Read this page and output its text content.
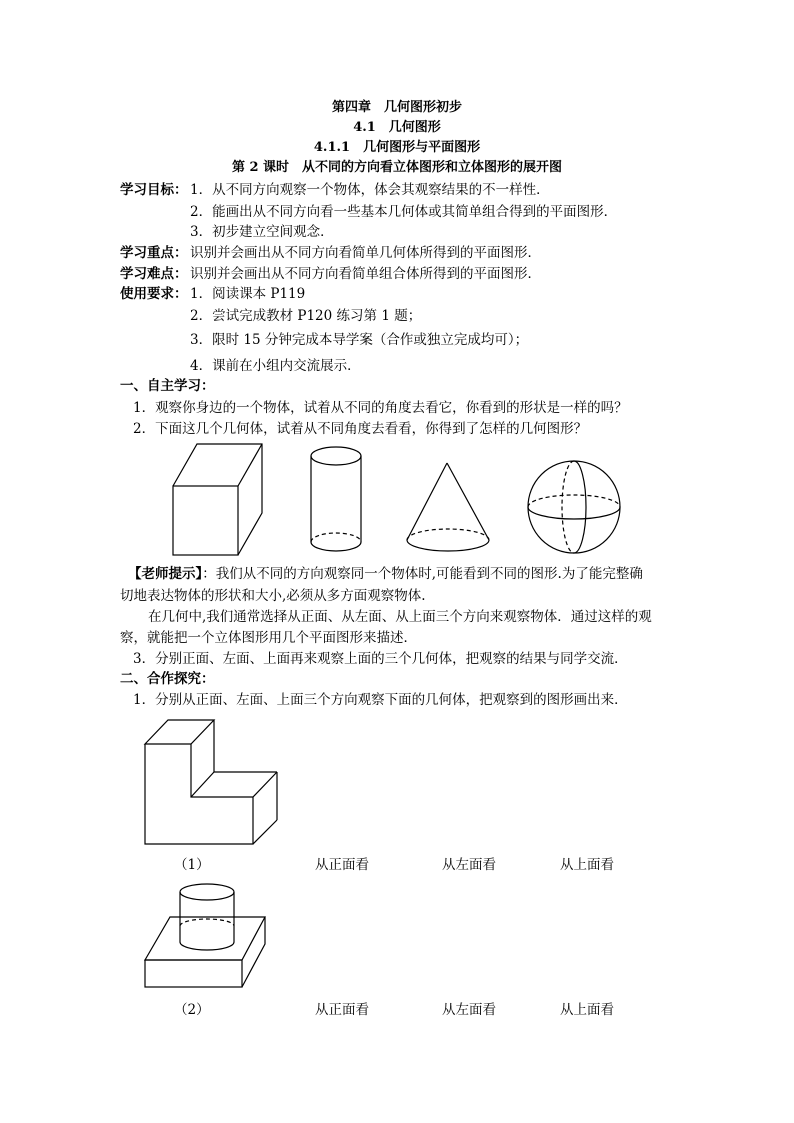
第四章　几何图形初步
4.1　几何图形
4.1.1　几何图形与平面图形
第 2 课时　从不同的方向看立体图形和立体图形的展开图
学习目标： 1．从不同方向观察一个物体，体会其观察结果的不一样性．
2．能画出从不同方向看一些基本几何体或其简单组合得到的平面图形．
3．初步建立空间观念．
学习重点： 识别并会画出从不同方向看简单几何体所得到的平面图形．
学习难点： 识别并会画出从不同方向看简单组合体所得到的平面图形．
使用要求： 1．阅读课本 P119
2．尝试完成教材 P120 练习第 1 题；
3．限时 15 分钟完成本导学案（合作或独立完成均可）；
4．课前在小组内交流展示．
一、自主学习：
1．观察你身边的一个物体，试着从不同的角度去看它，你看到的形状是一样的吗？
2．下面这几个几何体，试着从不同角度去看看，你得到了怎样的几何图形？
【老师提示】：我们从不同的方向观察同一个物体时,可能看到不同的图形.为了能完整确
切地表达物体的形状和大小,必须从多方面观察物体.
在几何中,我们通常选择从正面、从左面、从上面三个方向来观察物体．通过这样的观
察，就能把一个立体图形用几个平面图形来描述．
3．分别正面、左面、上面再来观察上面的三个几何体，把观察的结果与同学交流．
二、合作探究：
1．分别从正面、左面、上面三个方向观察下面的几何体，把观察到的图形画出来．
（1）	从正面看	从左面看	从上面看
（2）	从正面看	从左面看	从上面看
